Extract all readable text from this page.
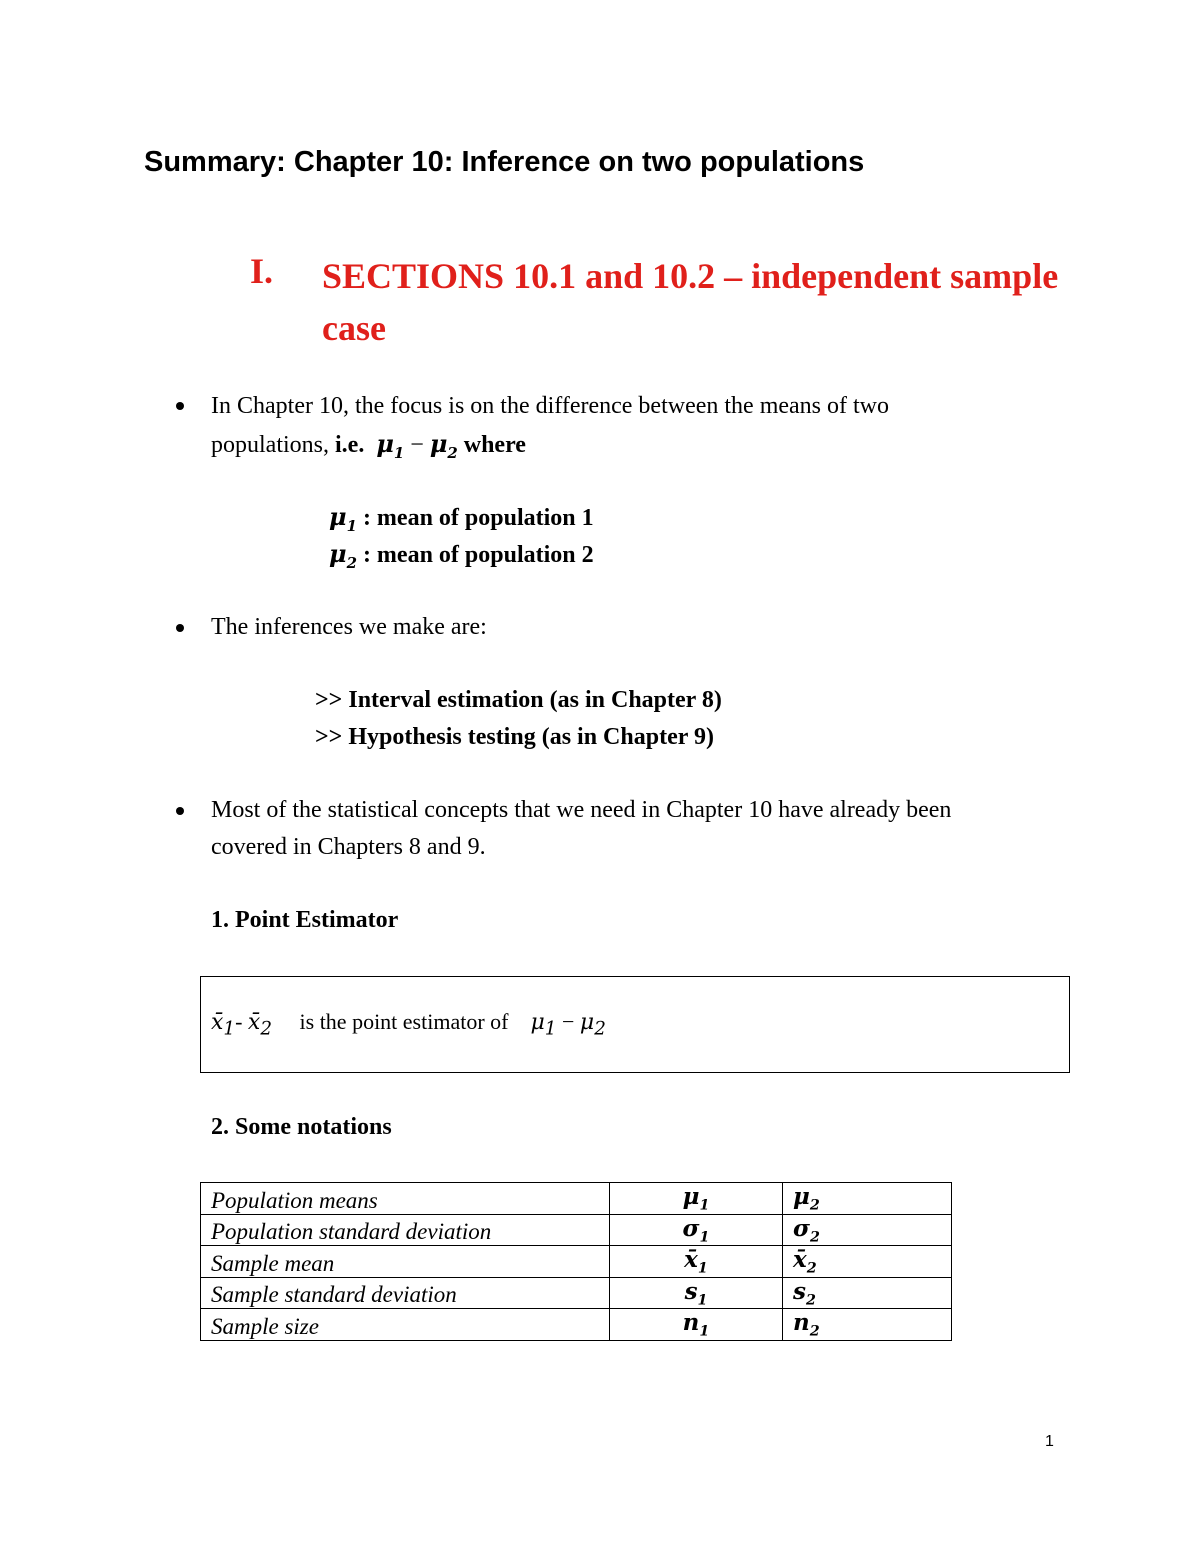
Summary: Chapter 10: Inference on two populations
I. SECTIONS 10.1 and 10.2 – independent sample case
In Chapter 10, the focus is on the difference between the means of two
populations, i.e. $\mu_1 - \mu_2$ where
$\mu_1$ : mean of population 1
$\mu_2$ : mean of population 2
The inferences we make are:
>> Interval estimation (as in Chapter 8)
>> Hypothesis testing (as in Chapter 9)
Most of the statistical concepts that we need in Chapter 10 have already been
covered in Chapters 8 and 9.
1. Point Estimator
$x̄_1-$ $x̄_2$ is the point estimator of $\mu_1 - \mu_2$
2. Some notations
Population means	$\mu_1$	$\mu_2$
Population standard deviation	$\sigma_1$	$\sigma_2$
Sample mean	$x̄_1$	$x̄_2$
Sample standard deviation	$s_1$	$s_2$
Sample size	$n_1$	$n_2$
1
